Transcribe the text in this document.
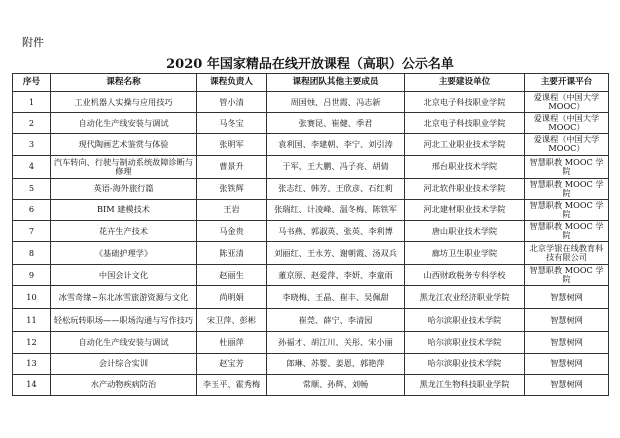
附件
2020 年国家精品在线开放课程（高职）公示名单
序号	课程名称	课程负责人	课程团队其他主要成员	主要建设单位	主要开课平台
1	工业机器人实操与应用技巧	管小清	周国烛、吕世霞、冯志新	北京电子科技职业学院	爱课程（中国大学 MOOC）
2	自动化生产线安装与调试	马冬宝	张赛昆、崔健、季君	北京电子科技职业学院	爱课程（中国大学 MOOC）
3	现代陶画艺术鉴赏与体验	张明军	袁利国、李建朝、李宁、刘引涛	河北工业职业技术学院	爱课程（中国大学 MOOC）
4	汽车转向、行驶与制动系统故障诊断与修理	曹景升	于军、王大鹏、冯子亮、胡倩	邢台职业技术学院	智慧职教 MOOC 学院
5	英语-海外旅行篇	张铁辉	张志红、韩芳、王欣彦、石红莉	河北软件职业技术学院	智慧职教 MOOC 学院
6	BIM 建模技术	王岩	张瑞红、计凌峰、温冬梅、陈铁军	河北建材职业技术学院	智慧职教 MOOC 学院
7	花卉生产技术	马金贵	马书燕、郭淑英、张英、李利博	唐山职业技术学院	智慧职教 MOOC 学院
8	《基础护理学》	陈亚清	刘丽红、王永芳、谢朝霞、汤双兵	廊坊卫生职业学院	北京学银在线教育科技有限公司
9	中国会计文化	赵丽生	董京原、赵爱萍、李妍、李童雨	山西财政税务专科学校	智慧职教 MOOC 学院
10	冰雪奇缘~东北冰雪旅游资源与文化	尚明娟	李晓梅、王晶、崔丰、吴佩甜	黑龙江农业经济职业学院	智慧树网
11	轻松玩转职场——职场沟通与写作技巧	宋卫萍、彭彬	崔莞、薛宁、李清园	哈尔滨职业技术学院	智慧树网
12	自动化生产线安装与调试	杜丽萍	孙福才、胡江川、关彤、宋小丽	哈尔滨职业技术学院	智慧树网
13	会计综合实训	赵宝芳	郎琳、苏婴、姜恩、郭艳萍	哈尔滨职业技术学院	智慧树网
14	水产动物疾病防治	李玉平、霍秀梅	常顺、孙辉、刘畅	黑龙江生物科技职业学院	智慧树网
